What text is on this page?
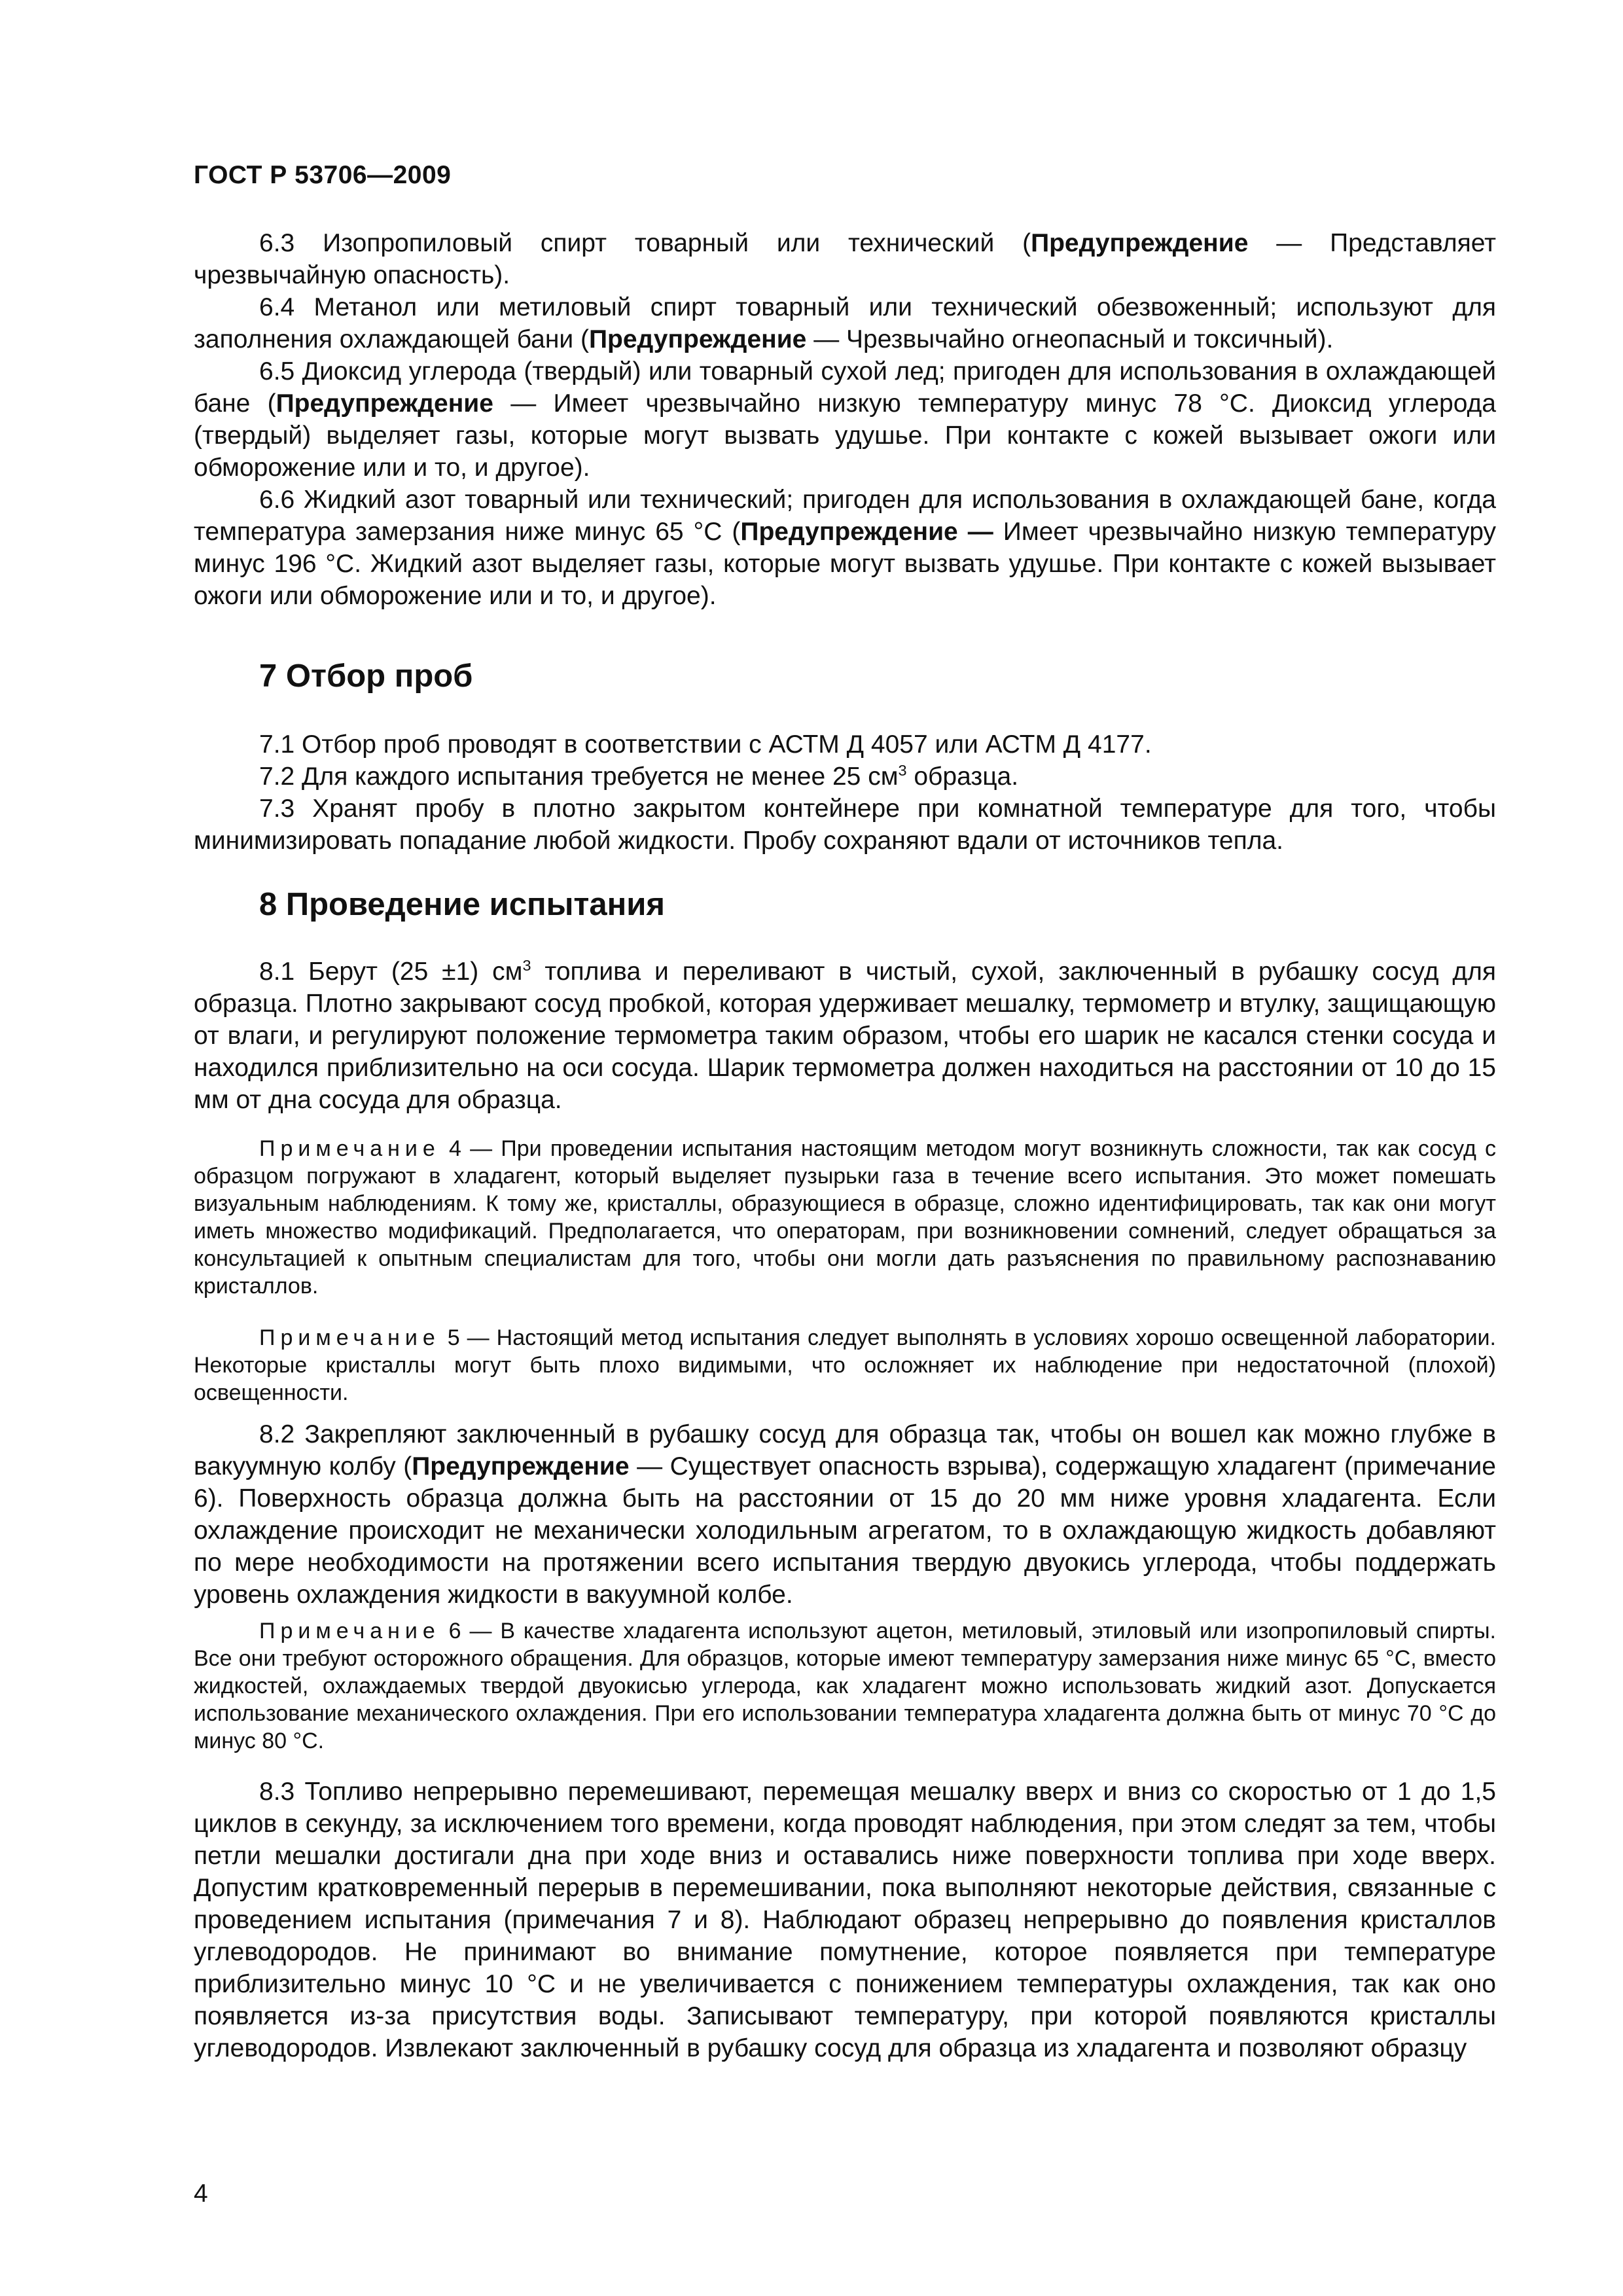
ГОСТ Р 53706—2009

6.3 Изопропиловый спирт товарный или технический (Предупреждение — Представляет чрезвычайную опасность).

6.4 Метанол или метиловый спирт товарный или технический обезвоженный; используют для заполнения охлаждающей бани (Предупреждение — Чрезвычайно огнеопасный и токсичный).

6.5 Диоксид углерода (твердый) или товарный сухой лед; пригоден для использования в охлаждающей бане (Предупреждение — Имеет чрезвычайно низкую температуру минус 78 °С. Диоксид углерода (твердый) выделяет газы, которые могут вызвать удушье. При контакте с кожей вызывает ожоги или обморожение или и то, и другое).

6.6 Жидкий азот товарный или технический; пригоден для использования в охлаждающей бане, когда температура замерзания ниже минус 65 °С (Предупреждение — Имеет чрезвычайно низкую температуру минус 196 °С. Жидкий азот выделяет газы, которые могут вызвать удушье. При контакте с кожей вызывает ожоги или обморожение или и то, и другое).

7 Отбор проб

7.1 Отбор проб проводят в соответствии с АСТМ Д 4057 или АСТМ Д 4177.

7.2 Для каждого испытания требуется не менее 25 $см^3$ образца.

7.3 Хранят пробу в плотно закрытом контейнере при комнатной температуре для того, чтобы минимизировать попадание любой жидкости. Пробу сохраняют вдали от источников тепла.

8 Проведение испытания

8.1 Берут (25 ±1) $см^3$ топлива и переливают в чистый, сухой, заключенный в рубашку сосуд для образца. Плотно закрывают сосуд пробкой, которая удерживает мешалку, термометр и втулку, защищающую от влаги, и регулируют положение термометра таким образом, чтобы его шарик не касался стенки сосуда и находился приблизительно на оси сосуда. Шарик термометра должен находиться на расстоянии от 10 до 15 мм от дна сосуда для образца.

Примечание 4 — При проведении испытания настоящим методом могут возникнуть сложности, так как сосуд с образцом погружают в хладагент, который выделяет пузырьки газа в течение всего испытания. Это может помешать визуальным наблюдениям. К тому же, кристаллы, образующиеся в образце, сложно идентифицировать, так как они могут иметь множество модификаций. Предполагается, что операторам, при возникновении сомнений, следует обращаться за консультацией к опытным специалистам для того, чтобы они могли дать разъяснения по правильному распознаванию кристаллов.

Примечание 5 — Настоящий метод испытания следует выполнять в условиях хорошо освещенной лаборатории. Некоторые кристаллы могут быть плохо видимыми, что осложняет их наблюдение при недостаточной (плохой) освещенности.

8.2 Закрепляют заключенный в рубашку сосуд для образца так, чтобы он вошел как можно глубже в вакуумную колбу (Предупреждение — Существует опасность взрыва), содержащую хладагент (примечание 6). Поверхность образца должна быть на расстоянии от 15 до 20 мм ниже уровня хладагента. Если охлаждение происходит не механически холодильным агрегатом, то в охлаждающую жидкость добавляют по мере необходимости на протяжении всего испытания твердую двуокись углерода, чтобы поддержать уровень охлаждения жидкости в вакуумной колбе.

Примечание 6 — В качестве хладагента используют ацетон, метиловый, этиловый или изопропиловый спирты. Все они требуют осторожного обращения. Для образцов, которые имеют температуру замерзания ниже минус 65 °С, вместо жидкостей, охлаждаемых твердой двуокисью углерода, как хладагент можно использовать жидкий азот. Допускается использование механического охлаждения. При его использовании температура хладагента должна быть от минус 70 °С до минус 80 °С.

8.3 Топливо непрерывно перемешивают, перемещая мешалку вверх и вниз со скоростью от 1 до 1,5 циклов в секунду, за исключением того времени, когда проводят наблюдения, при этом следят за тем, чтобы петли мешалки достигали дна при ходе вниз и оставались ниже поверхности топлива при ходе вверх. Допустим кратковременный перерыв в перемешивании, пока выполняют некоторые действия, связанные с проведением испытания (примечания 7 и 8). Наблюдают образец непрерывно до появления кристаллов углеводородов. Не принимают во внимание помутнение, которое появляется при температуре приблизительно минус 10 °С и не увеличивается с понижением температуры охлаждения, так как оно появляется из-за присутствия воды. Записывают температуру, при которой появляются кристаллы углеводородов. Извлекают заключенный в рубашку сосуд для образца из хладагента и позволяют образцу

4
